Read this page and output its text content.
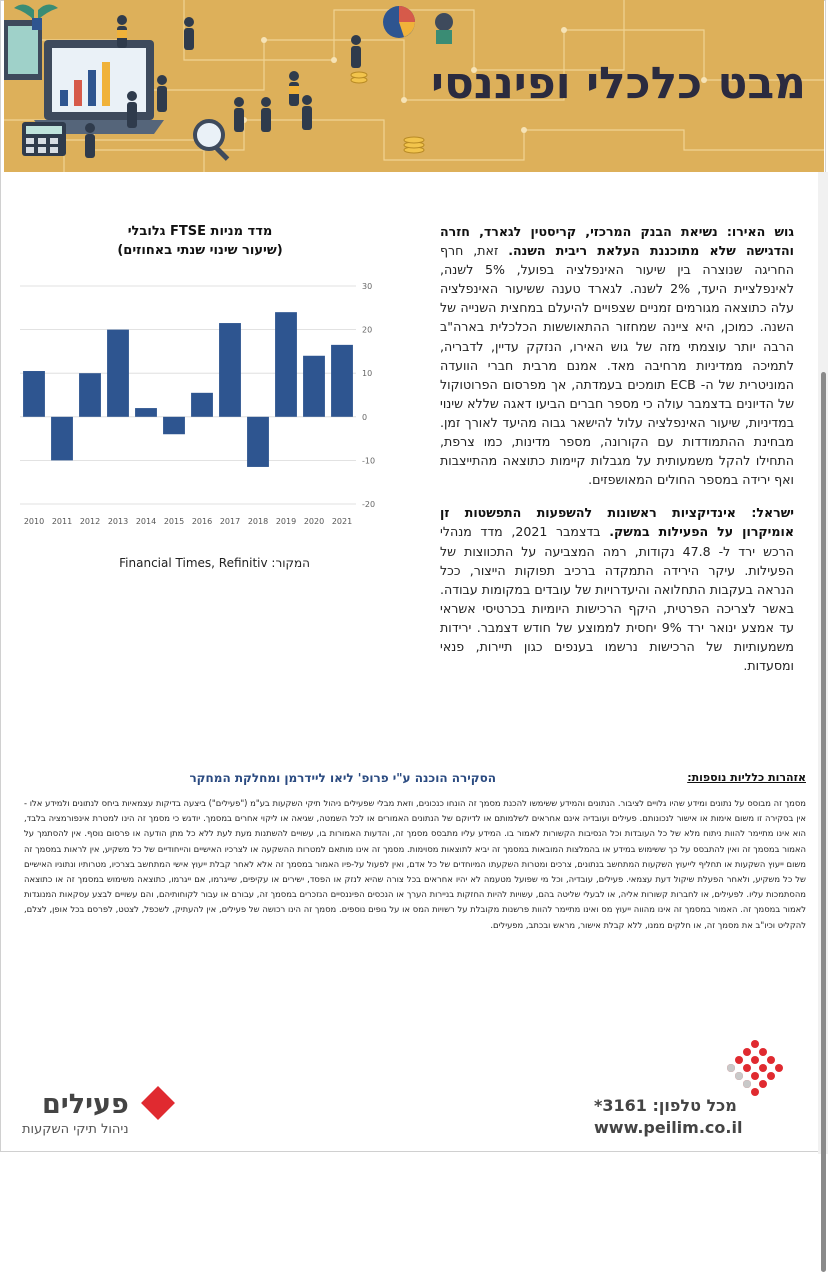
מבט כלכלי ופיננסי

גוש האירו: נשיאת הבנק המרכזי, קריסטין לגארד, חזרה והדגישה שלא מתוכננת העלאת ריבית השנה. זאת, חרף החריגה שנוצרה בין שיעור האינפלציה בפועל, 5% לשנה, לאינפלציית היעד, 2% לשנה. לגארד טענה ששיעור האינפלציה עלה כתוצאה מגורמים זמניים שצפויים להיעלם במחצית השנייה של השנה. כמוכן, היא ציינה שמחזור ההתאוששות הכלכלית בארה"ב הרבה יותר עוצמתי מזה של גוש האירו, הנזקק עדיין, לדבריה, לתמיכה ממדיניות מרחיבה מאד. אמנם מרבית חברי הוועדה המוניטרית של ה- ECB תומכים בעמדתה, אך מפרסום הפרוטוקול של הדיונים בדצמבר עולה כי מספר חברים הביעו דאגה שללא שינוי במדיניות, שיעור האינפלציה עלול להישאר גבוה מהיעד לאורך זמן. מבחינת ההתמודדות עם הקורונה, מספר מדינות, כמו צרפת, התחילו להקל משמעותית על מגבלות קיימות כתוצאה מהתייצבות ואף ירידה במספר החולים המאושפזים.

ישראל: אינדיקציות ראשונות להשפעות התפשטות זן אומיקרון על הפעילות במשק. בדצמבר 2021, מדד מנהלי הרכש ירד ל- 47.8 נקודות, רמה המצביעה על התכווצות של הפעילות. עיקר הירידה התמקדה ברכיב תפוקות הייצור, ככל הנראה בעקבות התחלואה והיעדרויות של עובדים במקומות עבודה. באשר לצריכה הפרטית, היקף הרכישות היומיות בכרטיסי אשראי עד אמצע ינואר ירד 9% יחסית לממוצע של חודש דצמבר. ירידות משמעותיות של הרכישות נרשמו בענפים כגון תיירות, פנאי ומסעדות.

מדד מניות FTSE גלובלי
(שיעור שינוי שנתי באחוזים)
30
20
10
0
-10
-20
2010 2011 2012 2013 2014 2015 2016 2017 2018 2019 2020 2021
המקור: Financial Times, Refinitiv
הסקירה הוכנה ע"י פרופ' ליאו ליידרמן ומחלקת המחקר	אזהרות כלליות נוספות:
מסמך זה מבוסס על נתונים ומידע שהיו גלויים לציבור. הנתונים והמידע ששימשו להכנת מסמך זה הונחו כנכונים, וזאת מבלי שפעילים ניהול תיקי השקעות בע"מ ("פעילים") ביצעה בדיקות עצמאיות ביחס לנתונים ולמידע אלו - אין בסקירה זו משום אימות או אישור לנכונותם. פעילים ועובדיה אינם אחראים לשלמותם או לדיוקם של הנתונים האמורים או לכל השמטה, שגיאה או ליקוי אחרים במסמך. יודגש כי מסמך זה הינו למטרת אינפורמציה בלבד, הוא אינו מתיימר להוות ניתוח מלא של כל העובדות וכל הנסיבות הקשורות לאמור בו. המידע עליו מתבסס מסמך זה, והדעות האמורות בו, עשויים להשתנות מעת לעת ללא כל מתן הודעה או פרסום נוסף. אין להסתמך על האמור במסמך זה ואין להתבסס על כך ששימוש במידע או בהמלצות המובאות במסמך זה יביא לתוצאות מסוימות. מסמך זה אינו מותאם למטרות ההשקעה או לצרכיו האישיים והייחודיים של כל משקיע, אין לראות במסמך זה משום ייעוץ השקעות או תחליף לייעוץ השקעות המתחשב בנתונים, צרכים ומטרות השקעתו המיוחדים של כל אדם, ואין לפעול על-פיו האמור במסמך זה אלא לאחר קבלת ייעוץ אישי המתחשב בצרכיו, מטרותיו ונתוניו האישיים של כל משקיע, ולאחר הפעלת שיקול דעת עצמאי. פעילים, עובדיה, וכל מי שפועל מטעמה לא יהיו אחראים בכל צורה שהיא לנזק או הפסד, ישירים או עקיפים, שייגרמו, אם ייגרמו, כתוצאה משימוש במסמך זה או כתוצאה מהסתמכות עליו. לפעילים, או לחברות קשורות אליה, או לבעלי שליטה בהם, עשויות להיות החזקות בניירות הערך או הנכסים הפיננסיים הנזכרים במסמך זה, עבורם או עבור לקוחותיהם, והם עשויים לבצע עסקאות המנוגדות לאמור במסמך זה. האמור במסמך זה אינו מהווה ייעוץ מס ואינו מתיימר להוות פרשנות מקובלת על רשויות המס או על גופים נוספים. מסמך זה הינו רכושה של פעילים, אין להעתיק, לשכפל, לצטט, לפרסם בכל אופן, לצלם, להקליט וכיו"ב את מסמך זה, או חלקים ממנו, ללא קבלת אישור, מראש ובכתב, מפעילים.
פעילים
ניהול תיקי השקעות
מכל טלפון: 3161*
www.peilim.co.il
